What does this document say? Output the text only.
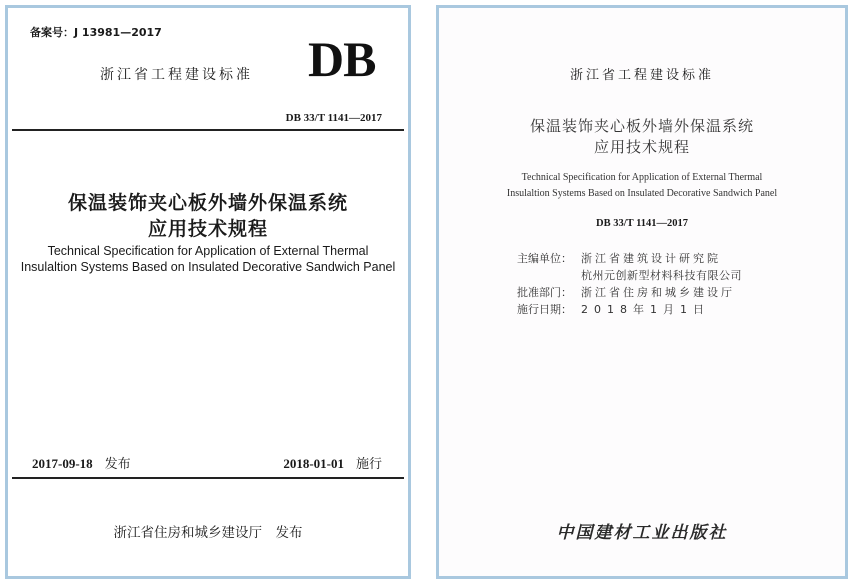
备案号：J 13981—2017
浙江省工程建设标准 DB
DB 33/T 1141—2017
保温装饰夹心板外墙外保温系统
应用技术规程
Technical Specification for Application of External Thermal
Insulaltion Systems Based on Insulated Decorative Sandwich Panel
2017-09-18 发布	2018-01-01 施行
浙江省住房和城乡建设厅　发布
浙江省工程建设标准
保温装饰夹心板外墙外保温系统
应用技术规程
Technical Specification for Application of External Thermal
Insulaltion Systems Based on Insulated Decorative Sandwich Panel
DB 33/T 1141—2017
主编单位： 浙江省建筑设计研究院
杭州元创新型材料科技有限公司
批准部门： 浙江省住房和城乡建设厅
施行日期： 2018年1月1日
中国建材工业出版社
